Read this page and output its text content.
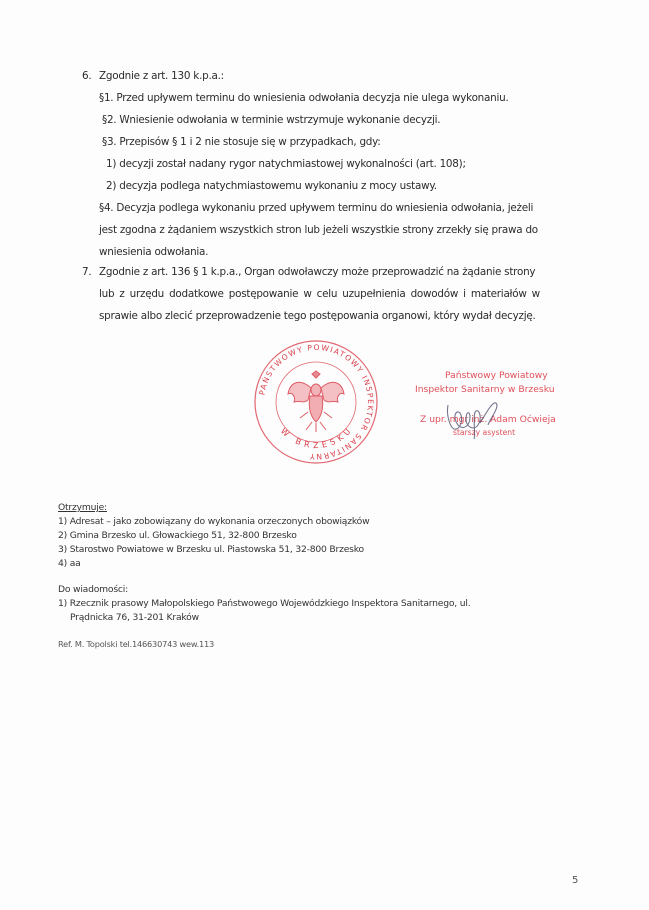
6. Zgodnie z art. 130 k.p.a.:
§1. Przed upływem terminu do wniesienia odwołania decyzja nie ulega wykonaniu.
§2. Wniesienie odwołania w terminie wstrzymuje wykonanie decyzji.
§3. Przepisów § 1 i 2 nie stosuje się w przypadkach, gdy:
1) decyzji został nadany rygor natychmiastowej wykonalności (art. 108);
2) decyzja podlega natychmiastowemu wykonaniu z mocy ustawy.
§4. Decyzja podlega wykonaniu przed upływem terminu do wniesienia odwołania, jeżeli
jest zgodna z żądaniem wszystkich stron lub jeżeli wszystkie strony zrzekły się prawa do
wniesienia odwołania.
7. Zgodnie z art. 136 § 1 k.p.a., Organ odwoławczy może przeprowadzić na żądanie strony
lub z urzędu dodatkowe postępowanie w celu uzupełnienia dowodów i materiałów w
sprawie albo zlecić przeprowadzenie tego postępowania organowi, który wydał decyzję.
PAŃSTWOWY POWIATOWY INSPEKTOR SANITARNY
W BRZESKU
Państwowy Powiatowy
Inspektor Sanitarny w Brzesku
Z upr. mgr inż. Adam Oćwieja
starszy asystent
Otrzymuje:
1) Adresat – jako zobowiązany do wykonania orzeczonych obowiązków
2) Gmina Brzesko ul. Głowackiego 51, 32-800 Brzesko
3) Starostwo Powiatowe w Brzesku ul. Piastowska 51, 32-800 Brzesko
4) aa
Do wiadomości:
1) Rzecznik prasowy Małopolskiego Państwowego Wojewódzkiego Inspektora Sanitarnego, ul.
Prądnicka 76, 31-201 Kraków
Ref. M. Topolski tel.146630743 wew.113
5
